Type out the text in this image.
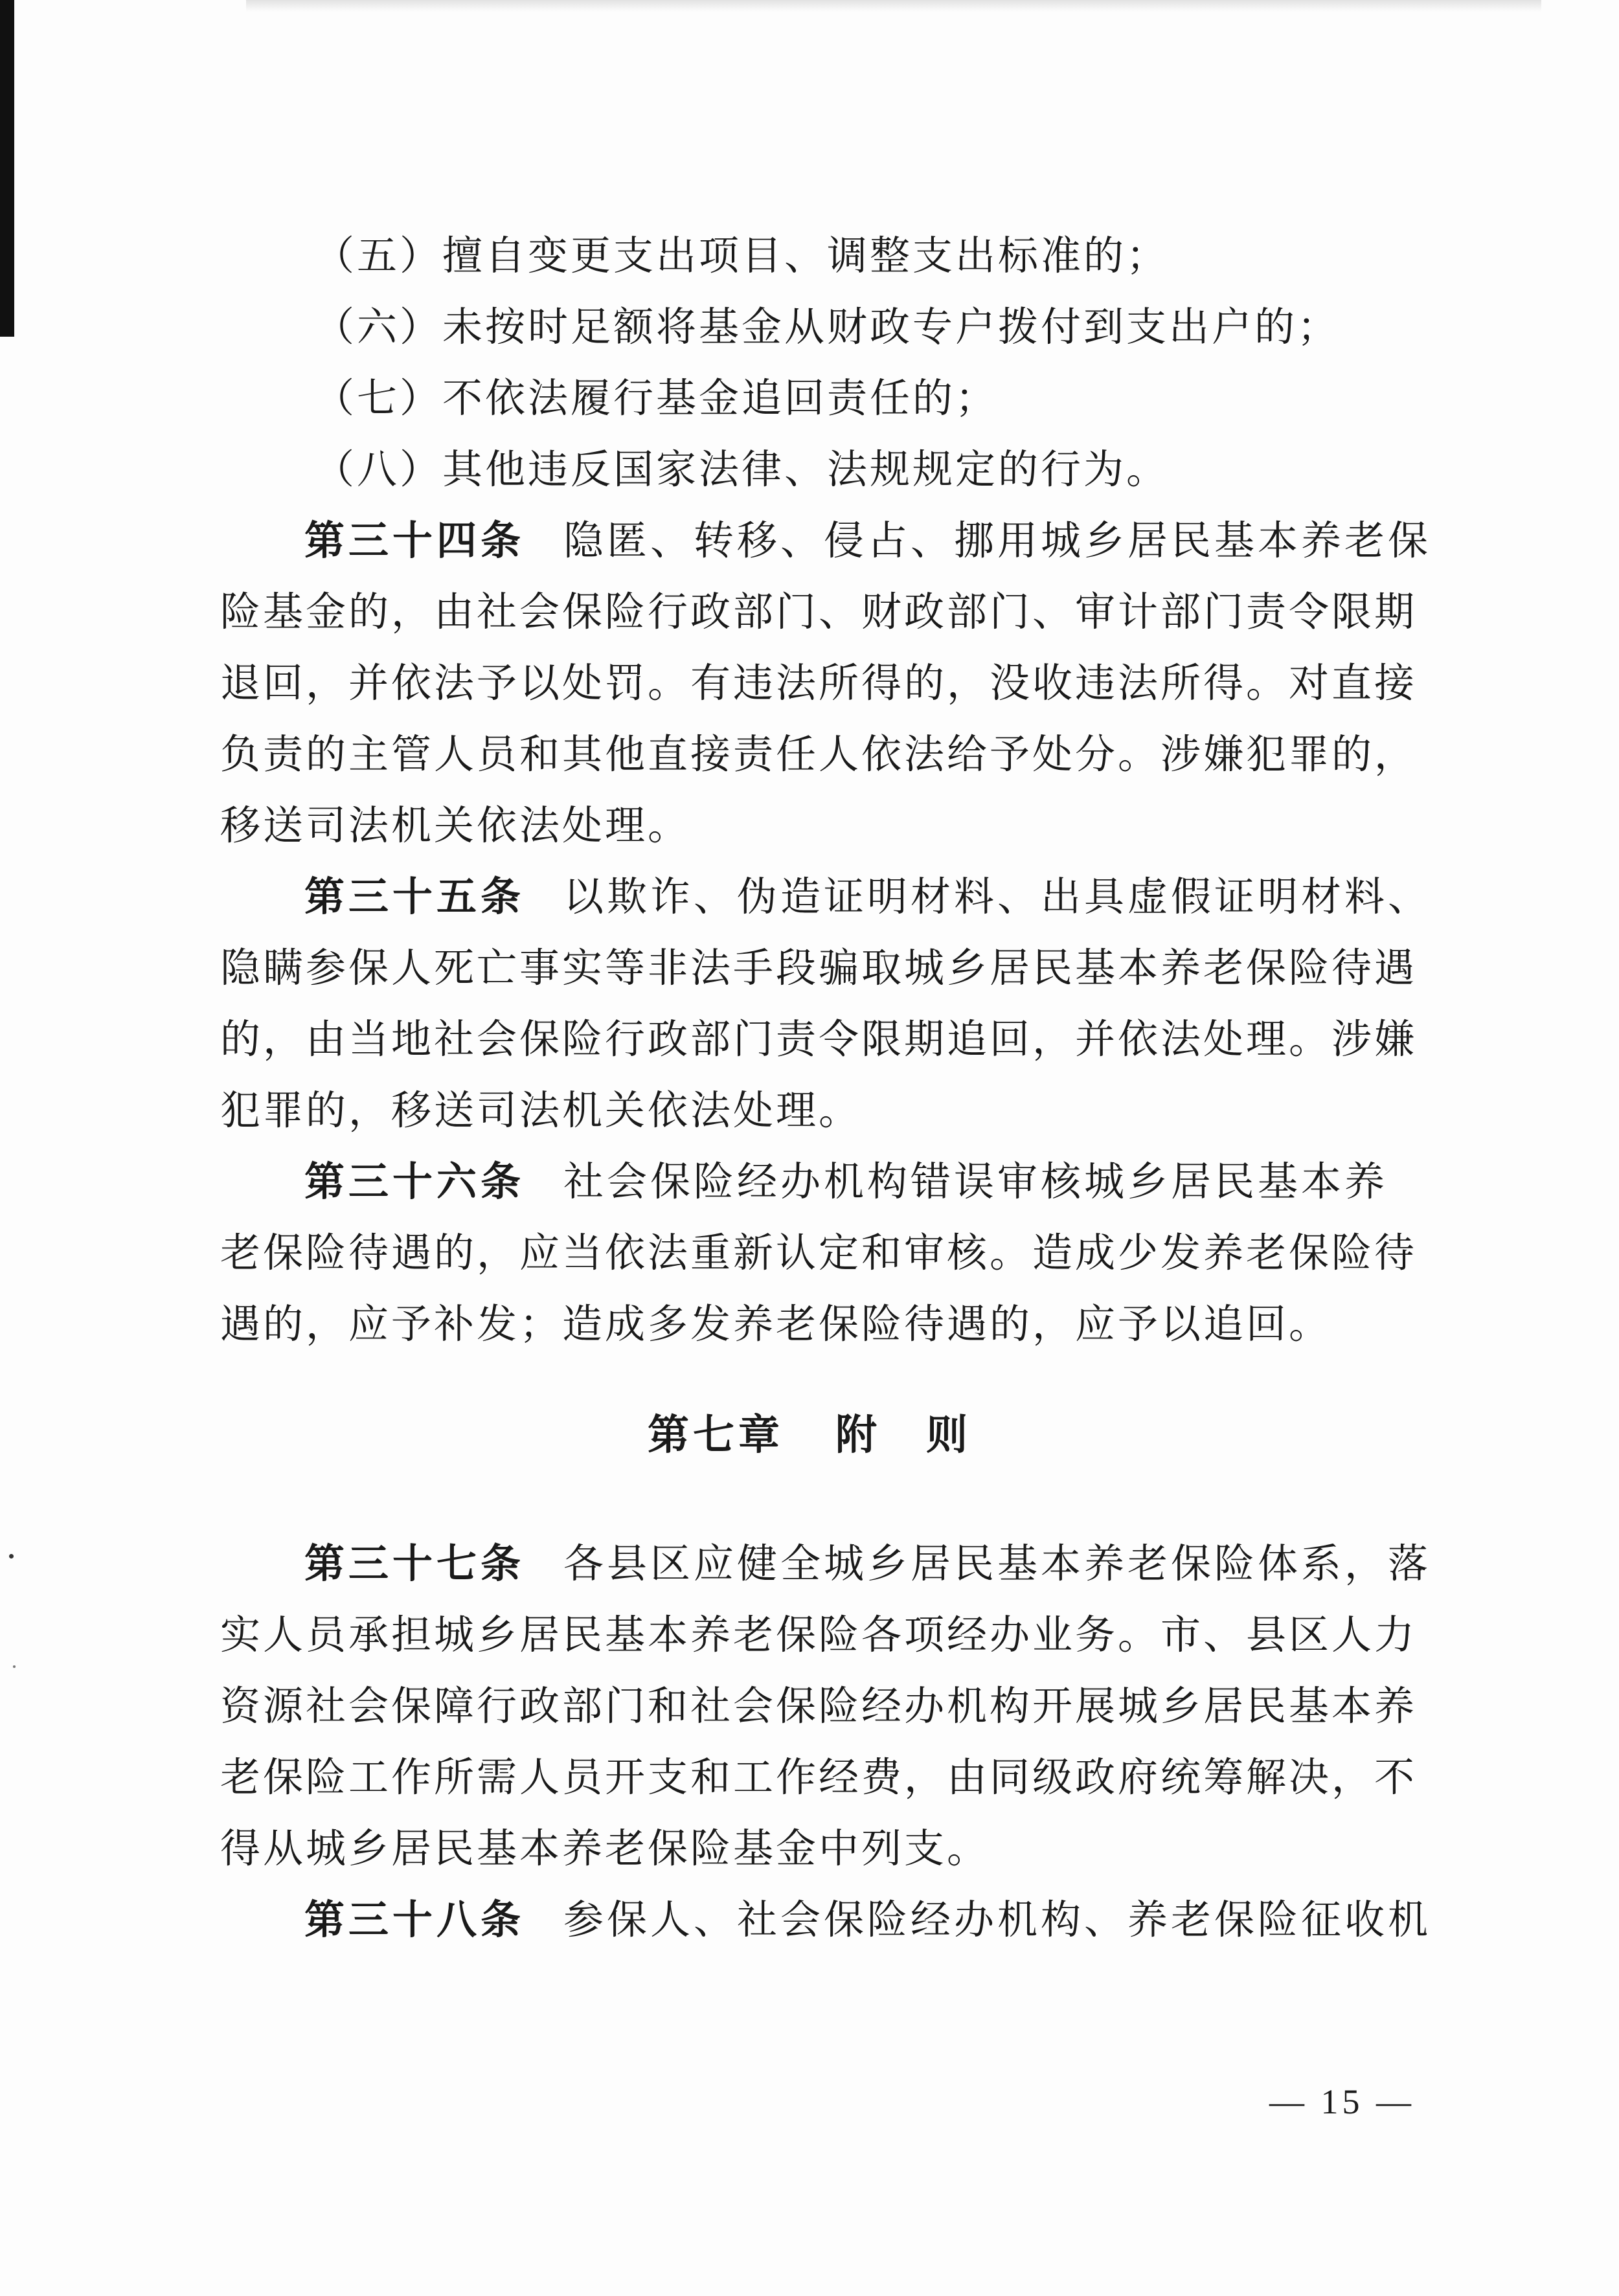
（五）擅自变更支出项目、调整支出标准的；
（六）未按时足额将基金从财政专户拨付到支出户的；
（七）不依法履行基金追回责任的；
（八）其他违反国家法律、法规规定的行为。
第三十四条 隐匿、转移、侵占、挪用城乡居民基本养老保
险基金的，由社会保险行政部门、财政部门、审计部门责令限期
退回，并依法予以处罚。有违法所得的，没收违法所得。对直接
负责的主管人员和其他直接责任人依法给予处分。涉嫌犯罪的，
移送司法机关依法处理。
第三十五条 以欺诈、伪造证明材料、出具虚假证明材料、
隐瞒参保人死亡事实等非法手段骗取城乡居民基本养老保险待遇
的，由当地社会保险行政部门责令限期追回，并依法处理。涉嫌
犯罪的，移送司法机关依法处理。
第三十六条 社会保险经办机构错误审核城乡居民基本养
老保险待遇的，应当依法重新认定和审核。造成少发养老保险待
遇的，应予补发；造成多发养老保险待遇的，应予以追回。
第七章 附　则
第三十七条 各县区应健全城乡居民基本养老保险体系，落
实人员承担城乡居民基本养老保险各项经办业务。市、县区人力
资源社会保障行政部门和社会保险经办机构开展城乡居民基本养
老保险工作所需人员开支和工作经费，由同级政府统筹解决，不
得从城乡居民基本养老保险基金中列支。
第三十八条 参保人、社会保险经办机构、养老保险征收机
— 15 —
